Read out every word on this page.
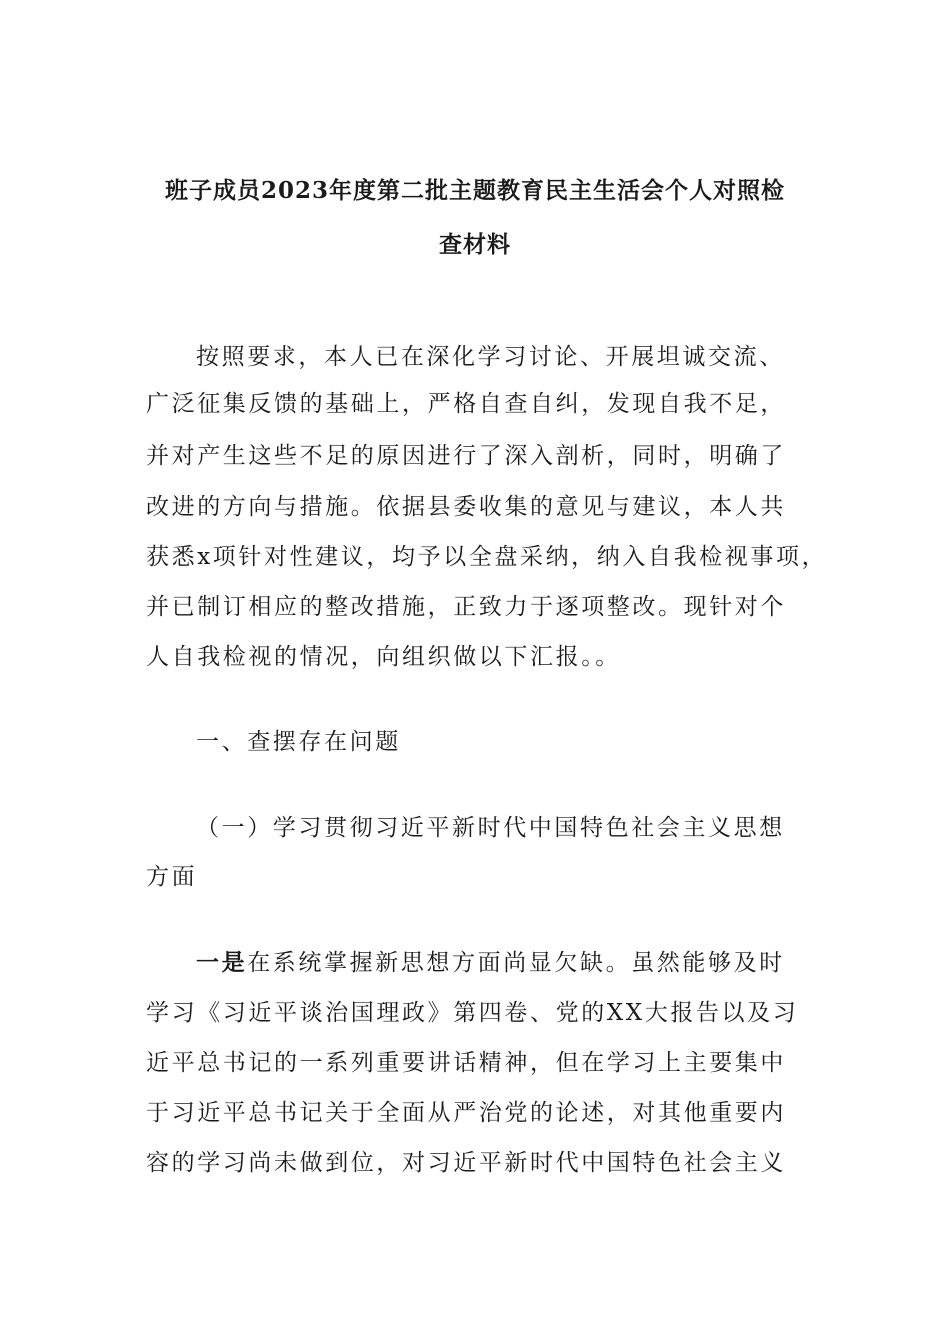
班子成员2023年度第二批主题教育民主生活会个人对照检
查材料

按照要求，本人已在深化学习讨论、开展坦诚交流、

广泛征集反馈的基础上，严格自查自纠，发现自我不足，

并对产生这些不足的原因进行了深入剖析，同时，明确了

改进的方向与措施。依据县委收集的意见与建议，本人共

获悉x项针对性建议，均予以全盘采纳，纳入自我检视事项，

并已制订相应的整改措施，正致力于逐项整改。现针对个

人自我检视的情况，向组织做以下汇报。。

一、查摆存在问题

（一）学习贯彻习近平新时代中国特色社会主义思想

方面

一是在系统掌握新思想方面尚显欠缺。虽然能够及时

学习《习近平谈治国理政》第四卷、党的XX大报告以及习

近平总书记的一系列重要讲话精神，但在学习上主要集中

于习近平总书记关于全面从严治党的论述，对其他重要内

容的学习尚未做到位，对习近平新时代中国特色社会主义
